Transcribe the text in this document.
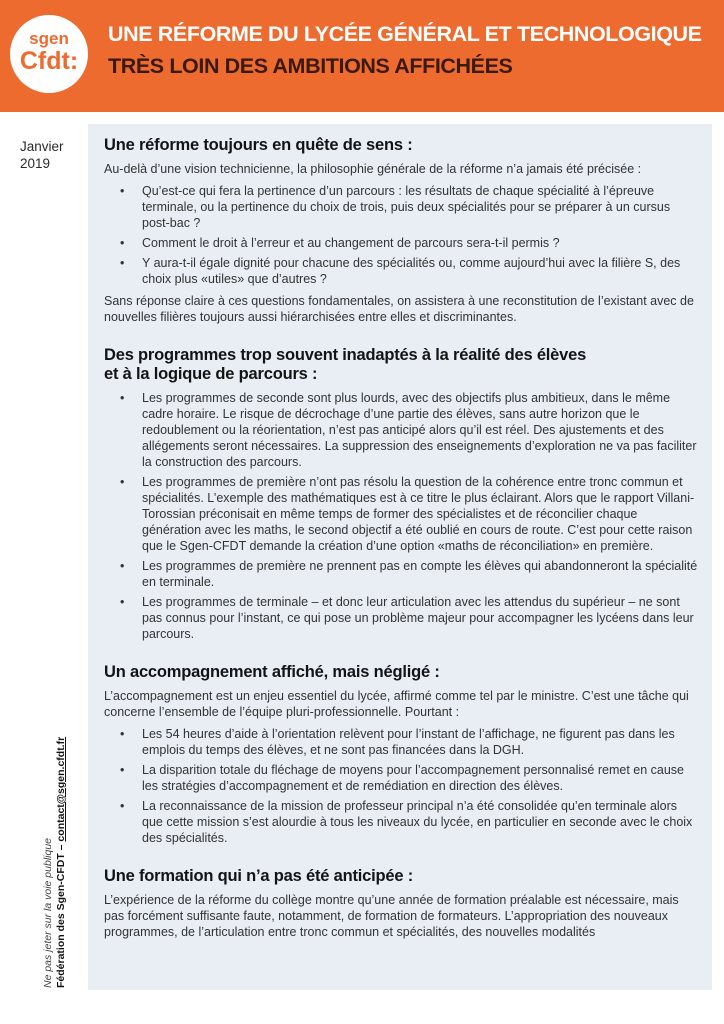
sgen
Cfdt:
UNE RÉFORME DU LYCÉE GÉNÉRAL ET TECHNOLOGIQUE
TRÈS LOIN DES AMBITIONS AFFICHÉES
Janvier
2019
Ne pas jeter sur la voie publique Fédération des Sgen-CFDT – contact@sgen.cfdt.fr
Une réforme toujours en quête de sens :

Au-delà d’une vision technicienne, la philosophie générale de la réforme n’a jamais été précisée :

• Qu’est-ce qui fera la pertinence d’un parcours : les résultats de chaque spécialité à l’épreuve terminale, ou la pertinence du choix de trois, puis deux spécialités pour se préparer à un cursus post-bac ?
• Comment le droit à l’erreur et au changement de parcours sera-t-il permis ?
• Y aura-t-il égale dignité pour chacune des spécialités ou, comme aujourd’hui avec la filière S, des choix plus «utiles» que d’autres ?

Sans réponse claire à ces questions fondamentales, on assistera à une reconstitution de l’existant avec de nouvelles filières toujours aussi hiérarchisées entre elles et discriminantes.

Des programmes trop souvent inadaptés à la réalité des élèves
et à la logique de parcours :
• Les programmes de seconde sont plus lourds, avec des objectifs plus ambitieux, dans le même cadre horaire. Le risque de décrochage d’une partie des élèves, sans autre horizon que le redoublement ou la réorientation, n’est pas anticipé alors qu’il est réel. Des ajustements et des allégements seront nécessaires. La suppression des enseignements d’exploration ne va pas faciliter la construction des parcours.
• Les programmes de première n’ont pas résolu la question de la cohérence entre tronc commun et spécialités. L’exemple des mathématiques est à ce titre le plus éclairant. Alors que le rapport Villani-Torossian préconisait en même temps de former des spécialistes et de réconcilier chaque génération avec les maths, le second objectif a été oublié en cours de route. C’est pour cette raison que le Sgen-CFDT demande la création d’une option «maths de réconciliation» en première.
• Les programmes de première ne prennent pas en compte les élèves qui abandonneront la spécialité en terminale.
• Les programmes de terminale – et donc leur articulation avec les attendus du supérieur – ne sont pas connus pour l’instant, ce qui pose un problème majeur pour accompagner les lycéens dans leur parcours.
Un accompagnement affiché, mais négligé :

L’accompagnement est un enjeu essentiel du lycée, affirmé comme tel par le ministre. C’est une tâche qui concerne l’ensemble de l’équipe pluri-professionnelle. Pourtant :

• Les 54 heures d’aide à l’orientation relèvent pour l’instant de l’affichage, ne figurent pas dans les emplois du temps des élèves, et ne sont pas financées dans la DGH.
• La disparition totale du fléchage de moyens pour l’accompagnement personnalisé remet en cause les stratégies d’accompagnement et de remédiation en direction des élèves.
• La reconnaissance de la mission de professeur principal n’a été consolidée qu’en terminale alors que cette mission s’est alourdie à tous les niveaux du lycée, en particulier en seconde avec le choix des spécialités.
Une formation qui n’a pas été anticipée :

L’expérience de la réforme du collège montre qu’une année de formation préalable est nécessaire, mais pas forcément suffisante faute, notamment, de formation de formateurs. L’appropriation des nouveaux programmes, de l’articulation entre tronc commun et spécialités, des nouvelles modalités
